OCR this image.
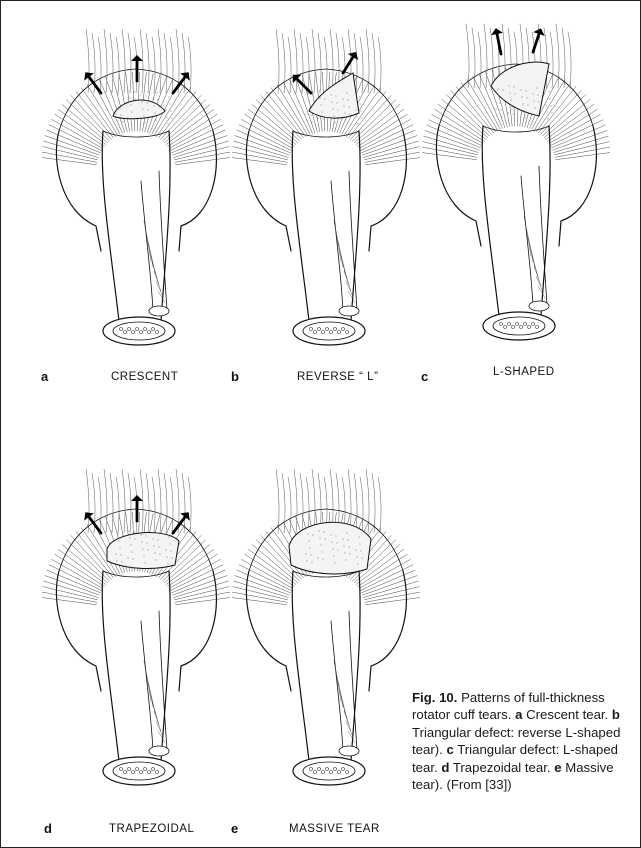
a	CRESCENT	b	REVERSE “ L”	c	L-SHAPED
d	TRAPEZOIDAL	e	MASSIVE TEAR
Fig. 10. Patterns of full-thickness rotator cuff tears. a Crescent tear. b Triangular defect: reverse L-shaped tear). c Triangular defect: L-shaped tear. d Trapezoidal tear. e Massive tear). (From [33])
